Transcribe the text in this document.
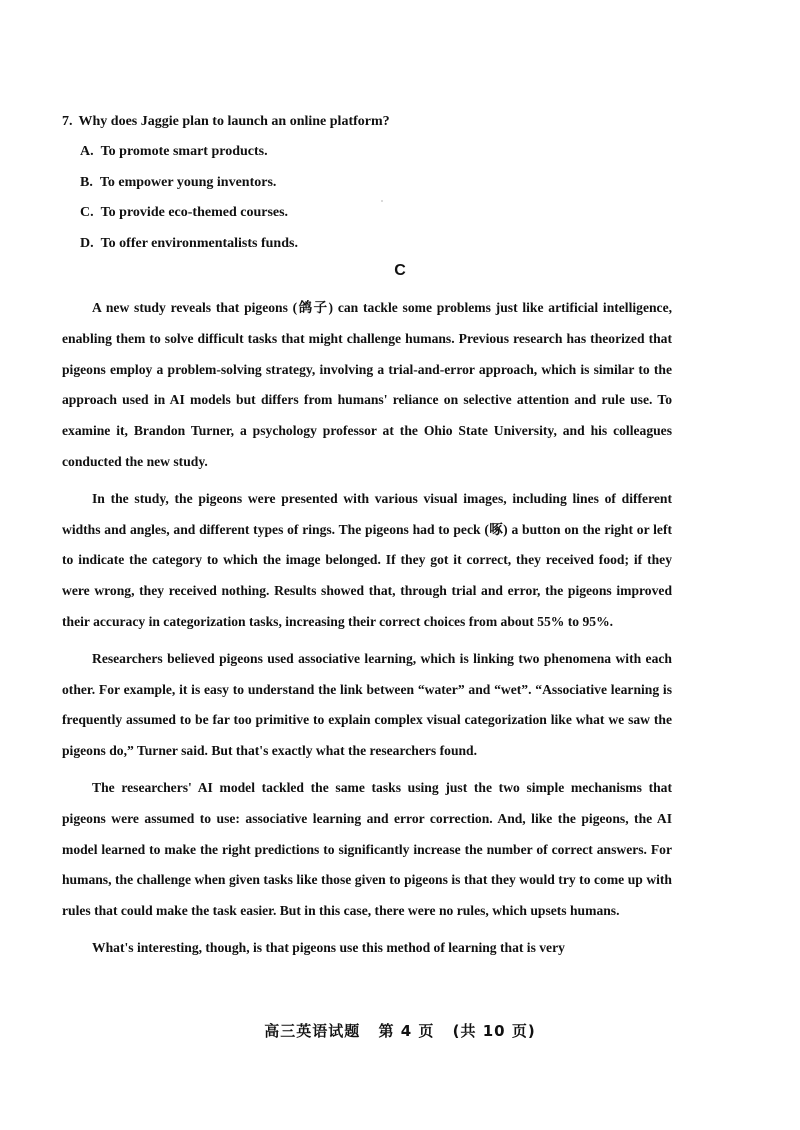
7. Why does Jaggie plan to launch an online platform?

A. To promote smart products.

B. To empower young inventors.

C. To provide eco-themed courses.

D. To offer environmentalists funds.

C

A new study reveals that pigeons (鸽子) can tackle some problems just like artificial intelligence, enabling them to solve difficult tasks that might challenge humans. Previous research has theorized that pigeons employ a problem-solving strategy, involving a trial-and-error approach, which is similar to the approach used in AI models but differs from humans' reliance on selective attention and rule use. To examine it, Brandon Turner, a psychology professor at the Ohio State University, and his colleagues conducted the new study.

In the study, the pigeons were presented with various visual images, including lines of different widths and angles, and different types of rings. The pigeons had to peck (啄) a button on the right or left to indicate the category to which the image belonged. If they got it correct, they received food; if they were wrong, they received nothing. Results showed that, through trial and error, the pigeons improved their accuracy in categorization tasks, increasing their correct choices from about 55% to 95%.

Researchers believed pigeons used associative learning, which is linking two phenomena with each other. For example, it is easy to understand the link between “water” and “wet”. “Associative learning is frequently assumed to be far too primitive to explain complex visual categorization like what we saw the pigeons do,” Turner said. But that's exactly what the researchers found.

The researchers' AI model tackled the same tasks using just the two simple mechanisms that pigeons were assumed to use: associative learning and error correction. And, like the pigeons, the AI model learned to make the right predictions to significantly increase the number of correct answers. For humans, the challenge when given tasks like those given to pigeons is that they would try to come up with rules that could make the task easier. But in this case, there were no rules, which upsets humans.

What's interesting, though, is that pigeons use this method of learning that is very

高三英语试题 第 4 页 (共 10 页)
